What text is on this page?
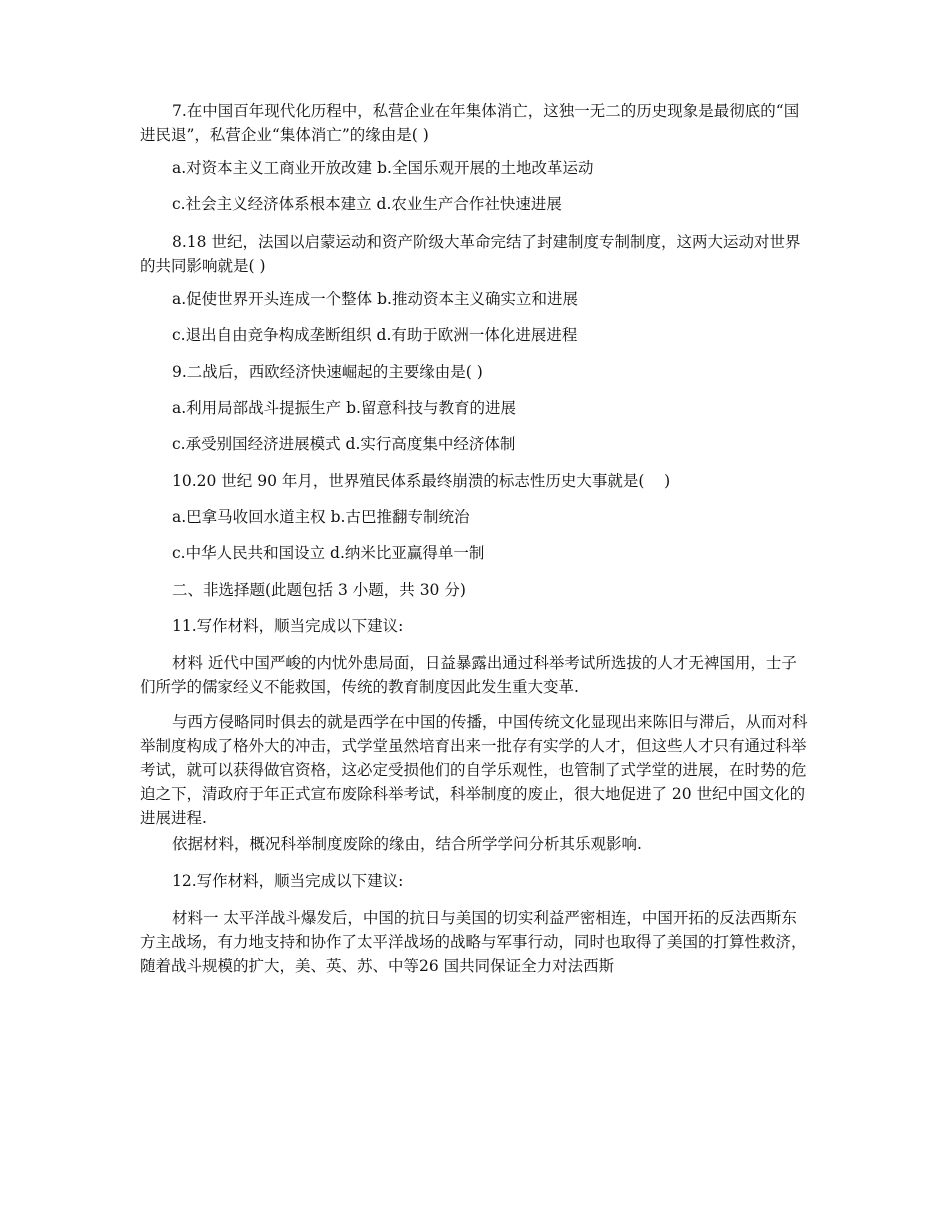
7.在中国百年现代化历程中，私营企业在年集体消亡，这独一无二的历史现象是最彻底的“国进民退”，私营企业“集体消亡”的缘由是( )

a.对资本主义工商业开放改建 b.全国乐观开展的土地改革运动

c.社会主义经济体系根本建立 d.农业生产合作社快速进展

8.18 世纪，法国以启蒙运动和资产阶级大革命完结了封建制度专制制度，这两大运动对世界的共同影响就是( )

a.促使世界开头连成一个整体 b.推动资本主义确实立和进展

c.退出自由竞争构成垄断组织 d.有助于欧洲一体化进展进程

9.二战后，西欧经济快速崛起的主要缘由是( )

a.利用局部战斗提振生产 b.留意科技与教育的进展

c.承受别国经济进展模式 d.实行高度集中经济体制

10.20 世纪 90 年月，世界殖民体系最终崩溃的标志性历史大事就是(    )

a.巴拿马收回水道主权 b.古巴推翻专制统治

c.中华人民共和国设立 d.纳米比亚赢得单一制

二、非选择题(此题包括 3 小题，共 30 分)

11.写作材料，顺当完成以下建议:

材料 近代中国严峻的内忧外患局面，日益暴露出通过科举考试所选拔的人才无裨国用，士子们所学的儒家经义不能救国，传统的教育制度因此发生重大变革.

与西方侵略同时俱去的就是西学在中国的传播，中国传统文化显现出来陈旧与滞后，从而对科举制度构成了格外大的冲击，式学堂虽然培育出来一批存有实学的人才，但这些人才只有通过科举考试，就可以获得做官资格，这必定受损他们的自学乐观性，也管制了式学堂的进展，在时势的危迫之下，清政府于年正式宣布废除科举考试，科举制度的废止，很大地促进了 20 世纪中国文化的进展进程.

依据材料，概况科举制度废除的缘由，结合所学学问分析其乐观影响.

12.写作材料，顺当完成以下建议:

材料一 太平洋战斗爆发后，中国的抗日与美国的切实利益严密相连，中国开拓的反法西斯东方主战场，有力地支持和协作了太平洋战场的战略与军事行动，同时也取得了美国的打算性救济，随着战斗规模的扩大，美、英、苏、中等26 国共同保证全力对法西斯
